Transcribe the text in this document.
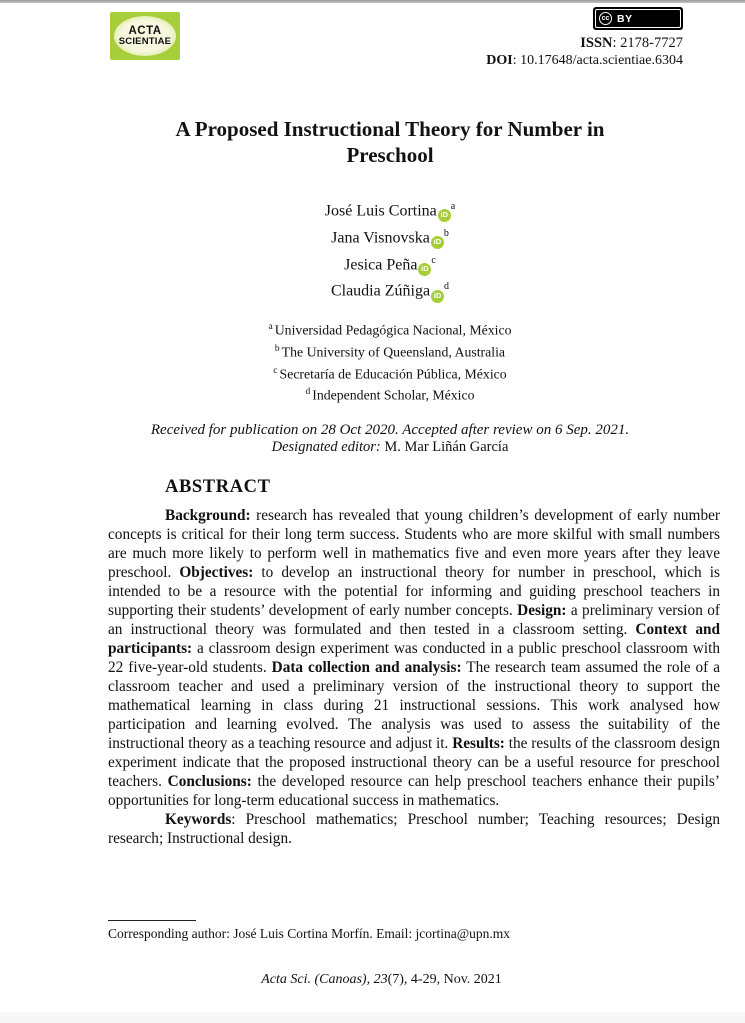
ACTA
SCIENTIAE
cc BY
ISSN: 2178-7727
DOI: 10.17648/acta.scientiae.6304
A Proposed Instructional Theory for Number in Preschool
José Luis Cortina $iD^a$
Jana Visnovska $iD^b$
Jesica Peña $iD^c$
Claudia Zúñiga $iD^d$
$^a$ Universidad Pedagógica Nacional, México
$^b$ The University of Queensland, Australia
$^c$ Secretaría de Educación Pública, México
$^d$ Independent Scholar, México
Received for publication on 28 Oct 2020. Accepted after review on 6 Sep. 2021.
Designated editor: M. Mar Liñán García
ABSTRACT

Background: research has revealed that young children’s development of early number concepts is critical for their long term success. Students who are more skilful with small numbers are much more likely to perform well in mathematics five and even more years after they leave preschool. Objectives: to develop an instructional theory for number in preschool, which is intended to be a resource with the potential for informing and guiding preschool teachers in supporting their students’ development of early number concepts. Design: a preliminary version of an instructional theory was formulated and then tested in a classroom setting. Context and participants: a classroom design experiment was conducted in a public preschool classroom with 22 five-year-old students. Data collection and analysis: The research team assumed the role of a classroom teacher and used a preliminary version of the instructional theory to support the mathematical learning in class during 21 instructional sessions. This work analysed how participation and learning evolved. The analysis was used to assess the suitability of the instructional theory as a teaching resource and adjust it. Results: the results of the classroom design experiment indicate that the proposed instructional theory can be a useful resource for preschool teachers. Conclusions: the developed resource can help preschool teachers enhance their pupils’ opportunities for long-term educational success in mathematics.

Keywords: Preschool mathematics; Preschool number; Teaching resources; Design research; Instructional design.

Corresponding author: José Luis Cortina Morfín. Email: jcortina@upn.mx
Acta Sci. (Canoas), 23(7), 4-29, Nov. 2021
